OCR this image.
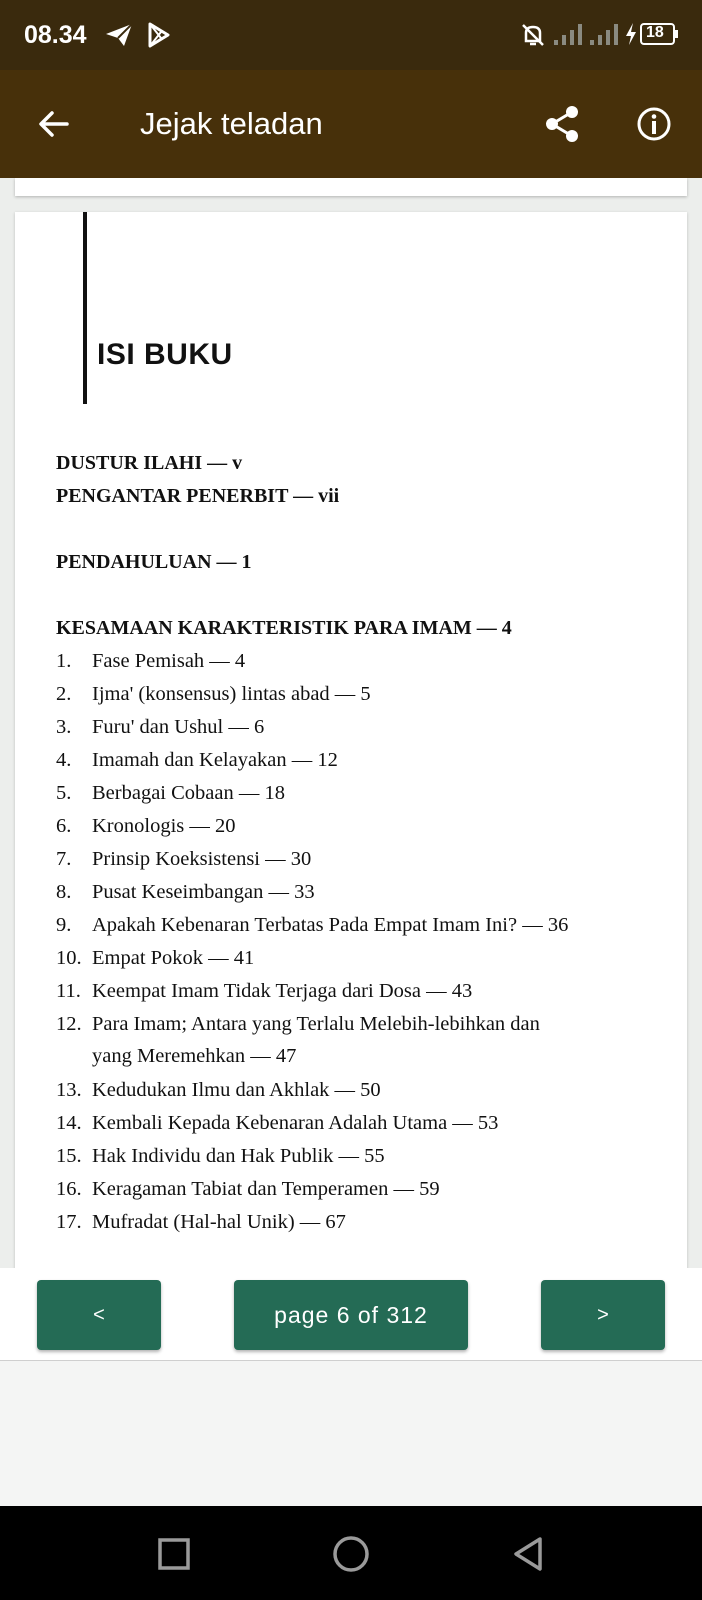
08.34	18
Jejak teladan
ISI BUKU
DUSTUR ILAHI — v
PENGANTAR PENERBIT — vii
PENDAHULUAN — 1
KESAMAAN KARAKTERISTIK PARA IMAM — 4
1. Fase Pemisah — 4
2. Ijma' (konsensus) lintas abad — 5
3. Furu' dan Ushul — 6
4. Imamah dan Kelayakan — 12
5. Berbagai Cobaan — 18
6. Kronologis — 20
7. Prinsip Koeksistensi — 30
8. Pusat Keseimbangan — 33
9. Apakah Kebenaran Terbatas Pada Empat Imam Ini? — 36
10. Empat Pokok — 41
11. Keempat Imam Tidak Terjaga dari Dosa — 43
12. Para Imam; Antara yang Terlalu Melebih-lebihkan dan
yang Meremehkan — 47
13. Kedudukan Ilmu dan Akhlak — 50
14. Kembali Kepada Kebenaran Adalah Utama — 53
15. Hak Individu dan Hak Publik — 55
16. Keragaman Tabiat dan Temperamen — 59
17. Mufradat (Hal-hal Unik) — 67
<	page 6 of 312	>
